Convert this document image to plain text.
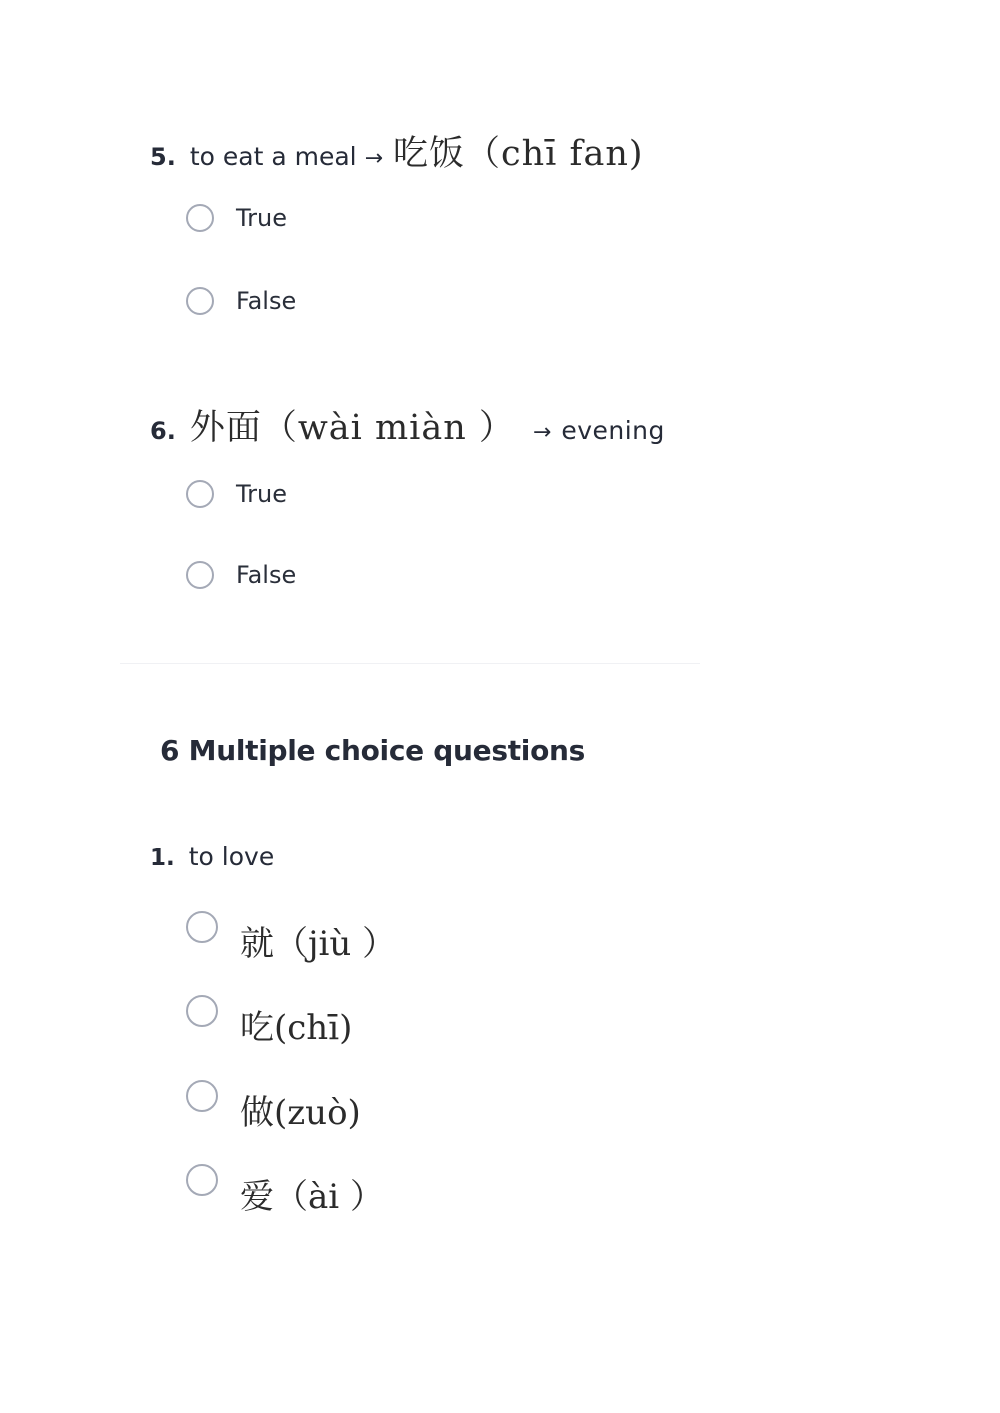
5. to eat a meal → 吃饭（chī fan)
True
False
6. 外面（wài miàn ） → evening
True
False
6 Multiple choice questions
1. to love
就（jiù ）
吃(chī)
做(zuò)
爱（ài ）
